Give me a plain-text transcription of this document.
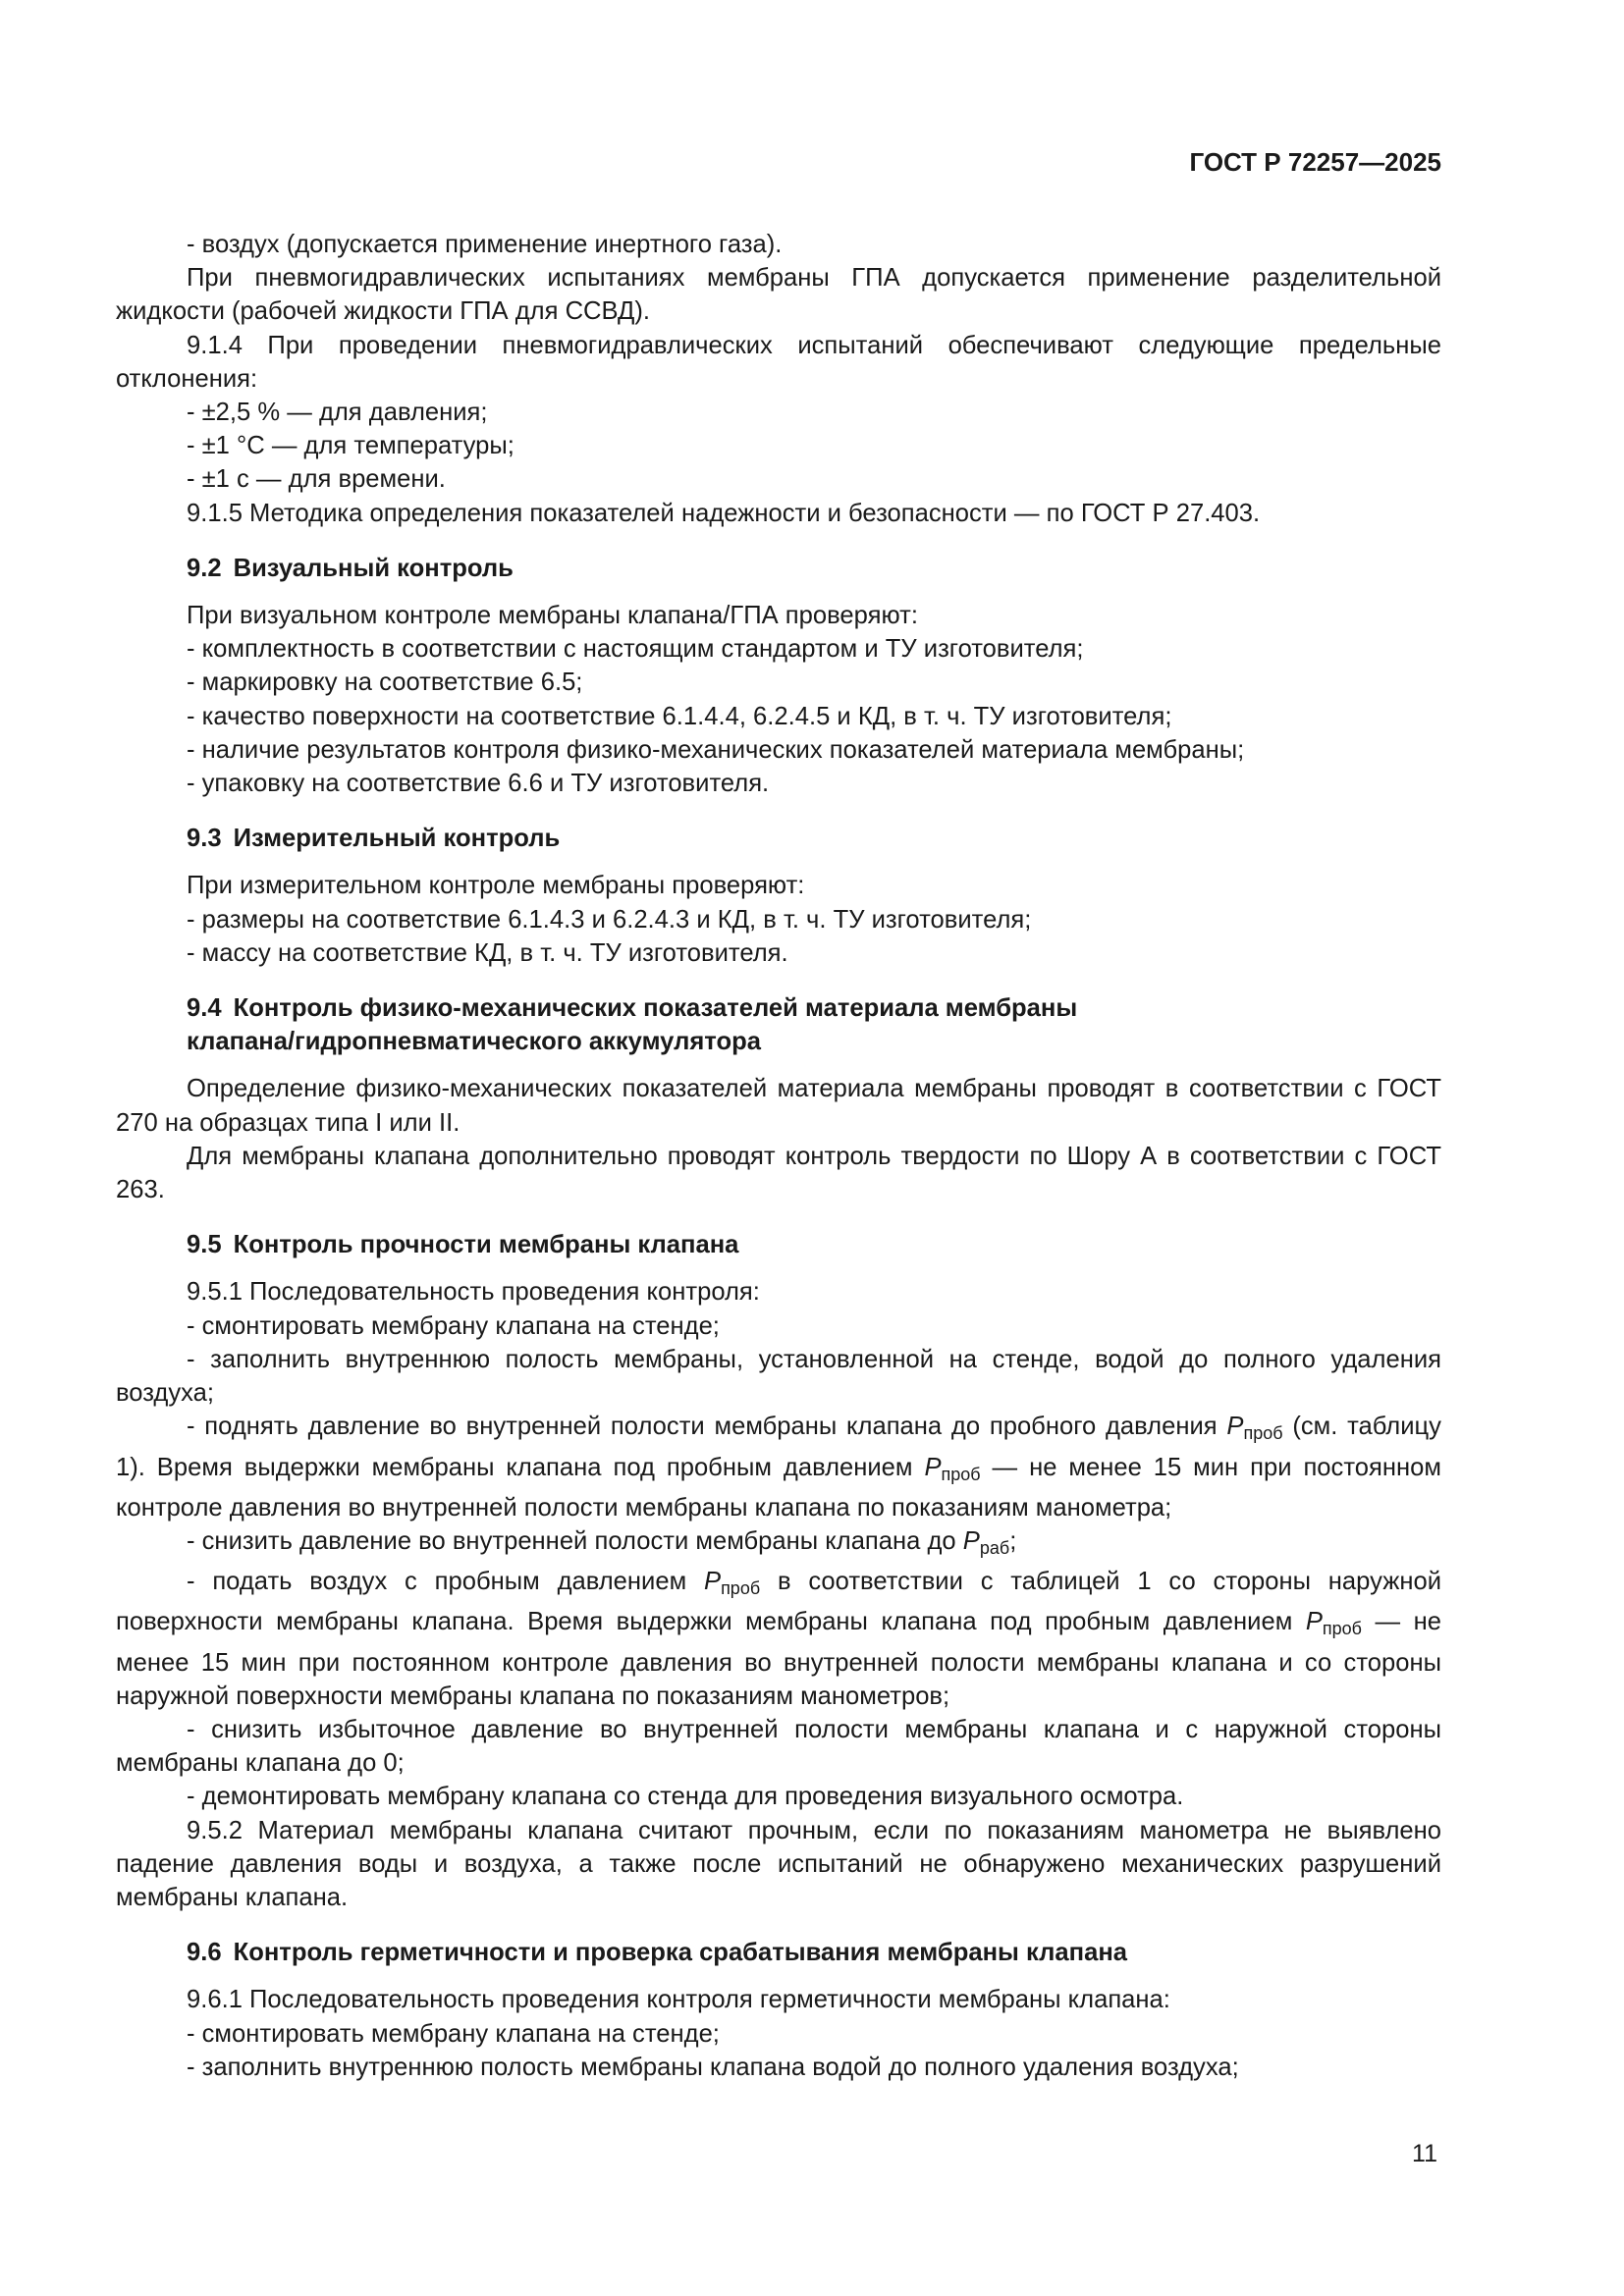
ГОСТ Р 72257—2025

- воздух (допускается применение инертного газа).

При пневмогидравлических испытаниях мембраны ГПА допускается применение разделительной жидкости (рабочей жидкости ГПА для ССВД).

9.1.4 При проведении пневмогидравлических испытаний обеспечивают следующие предельные отклонения:

- ±2,5 % — для давления;

- ±1 °С — для температуры;

- ±1 с — для времени.

9.1.5 Методика определения показателей надежности и безопасности — по ГОСТ Р 27.403.

9.2 Визуальный контроль

При визуальном контроле мембраны клапана/ГПА проверяют:

- комплектность в соответствии с настоящим стандартом и ТУ изготовителя;

- маркировку на соответствие 6.5;

- качество поверхности на соответствие 6.1.4.4, 6.2.4.5 и КД, в т. ч. ТУ изготовителя;

- наличие результатов контроля физико-механических показателей материала мембраны;

- упаковку на соответствие 6.6 и ТУ изготовителя.

9.3 Измерительный контроль

При измерительном контроле мембраны проверяют:

- размеры на соответствие 6.1.4.3 и 6.2.4.3 и КД, в т. ч. ТУ изготовителя;

- массу на соответствие КД, в т. ч. ТУ изготовителя.

9.4 Контроль физико-механических показателей материала мембраны
клапана/гидропневматического аккумулятора

Определение физико-механических показателей материала мембраны проводят в соответствии с ГОСТ 270 на образцах типа I или II.

Для мембраны клапана дополнительно проводят контроль твердости по Шору А в соответствии с ГОСТ 263.

9.5 Контроль прочности мембраны клапана

9.5.1 Последовательность проведения контроля:

- смонтировать мембрану клапана на стенде;

- заполнить внутреннюю полость мембраны, установленной на стенде, водой до полного удаления воздуха;

- поднять давление во внутренней полости мембраны клапана до пробного давления $P_{проб}$ (см. таблицу 1). Время выдержки мембраны клапана под пробным давлением $P_{проб}$ — не менее 15 мин при постоянном контроле давления во внутренней полости мембраны клапана по показаниям манометра;

- снизить давление во внутренней полости мембраны клапана до $P_{раб}$;

- подать воздух с пробным давлением $P_{проб}$ в соответствии с таблицей 1 со стороны наружной поверхности мембраны клапана. Время выдержки мембраны клапана под пробным давлением $P_{проб}$ — не менее 15 мин при постоянном контроле давления во внутренней полости мембраны клапана и со стороны наружной поверхности мембраны клапана по показаниям манометров;

- снизить избыточное давление во внутренней полости мембраны клапана и с наружной стороны мембраны клапана до 0;

- демонтировать мембрану клапана со стенда для проведения визуального осмотра.

9.5.2 Материал мембраны клапана считают прочным, если по показаниям манометра не выявлено падение давления воды и воздуха, а также после испытаний не обнаружено механических разрушений мембраны клапана.

9.6 Контроль герметичности и проверка срабатывания мембраны клапана

9.6.1 Последовательность проведения контроля герметичности мембраны клапана:

- смонтировать мембрану клапана на стенде;

- заполнить внутреннюю полость мембраны клапана водой до полного удаления воздуха;

11
